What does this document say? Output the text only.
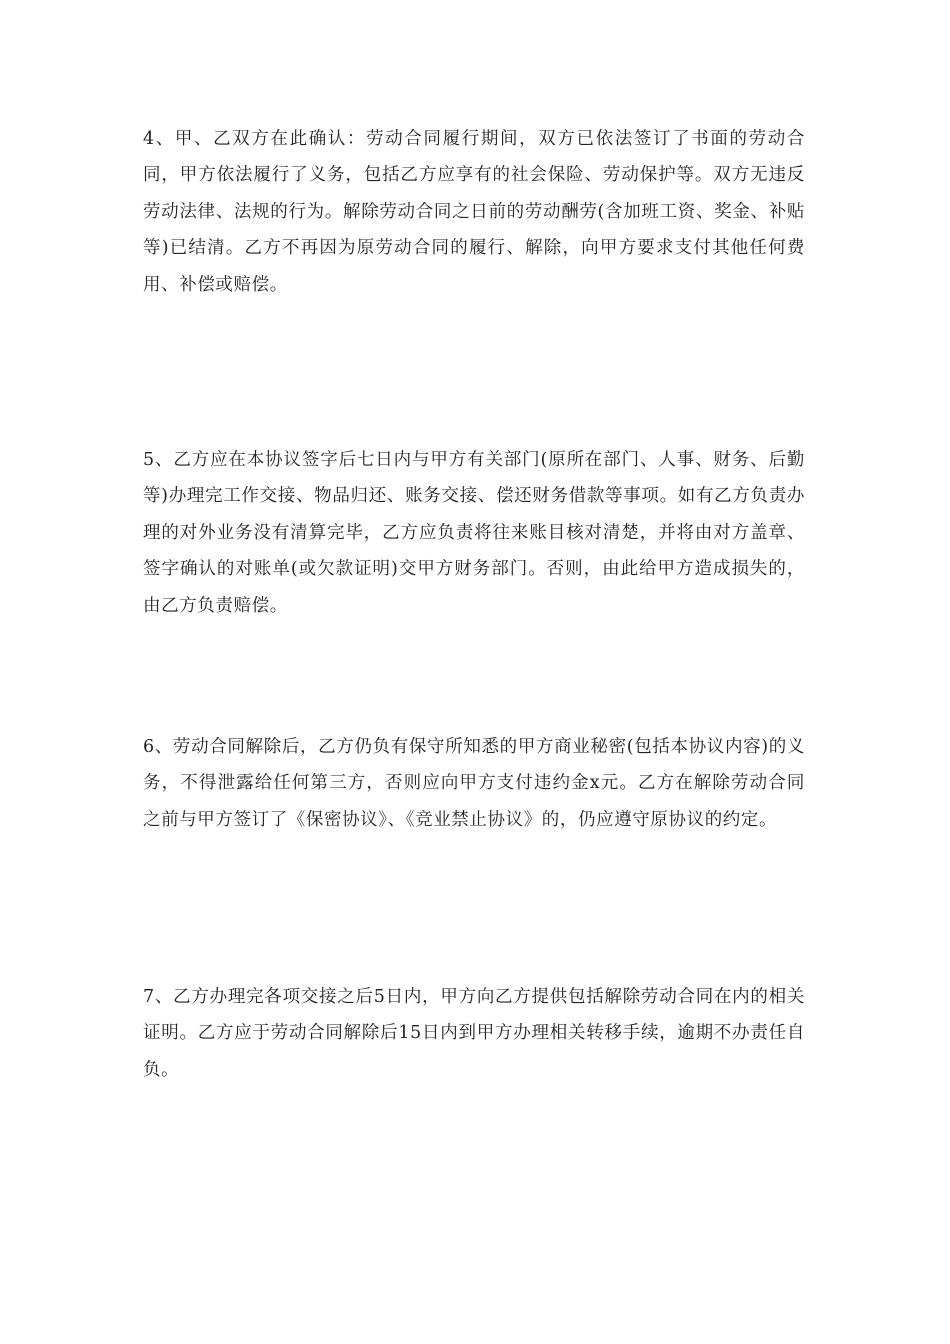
4、甲、乙双方在此确认：劳动合同履行期间，双方已依法签订了书面的劳动合同，甲方依法履行了义务，包括乙方应享有的社会保险、劳动保护等。双方无违反劳动法律、法规的行为。解除劳动合同之日前的劳动酬劳(含加班工资、奖金、补贴等)已结清。乙方不再因为原劳动合同的履行、解除，向甲方要求支付其他任何费用、补偿或赔偿。

5、乙方应在本协议签字后七日内与甲方有关部门(原所在部门、人事、财务、后勤等)办理完工作交接、物品归还、账务交接、偿还财务借款等事项。如有乙方负责办理的对外业务没有清算完毕，乙方应负责将往来账目核对清楚，并将由对方盖章、签字确认的对账单(或欠款证明)交甲方财务部门。否则，由此给甲方造成损失的，由乙方负责赔偿。

6、劳动合同解除后，乙方仍负有保守所知悉的甲方商业秘密(包括本协议内容)的义务，不得泄露给任何第三方，否则应向甲方支付违约金x元。乙方在解除劳动合同之前与甲方签订了《保密协议》、《竞业禁止协议》的，仍应遵守原协议的约定。

7、乙方办理完各项交接之后5日内，甲方向乙方提供包括解除劳动合同在内的相关证明。乙方应于劳动合同解除后15日内到甲方办理相关转移手续，逾期不办责任自负。
